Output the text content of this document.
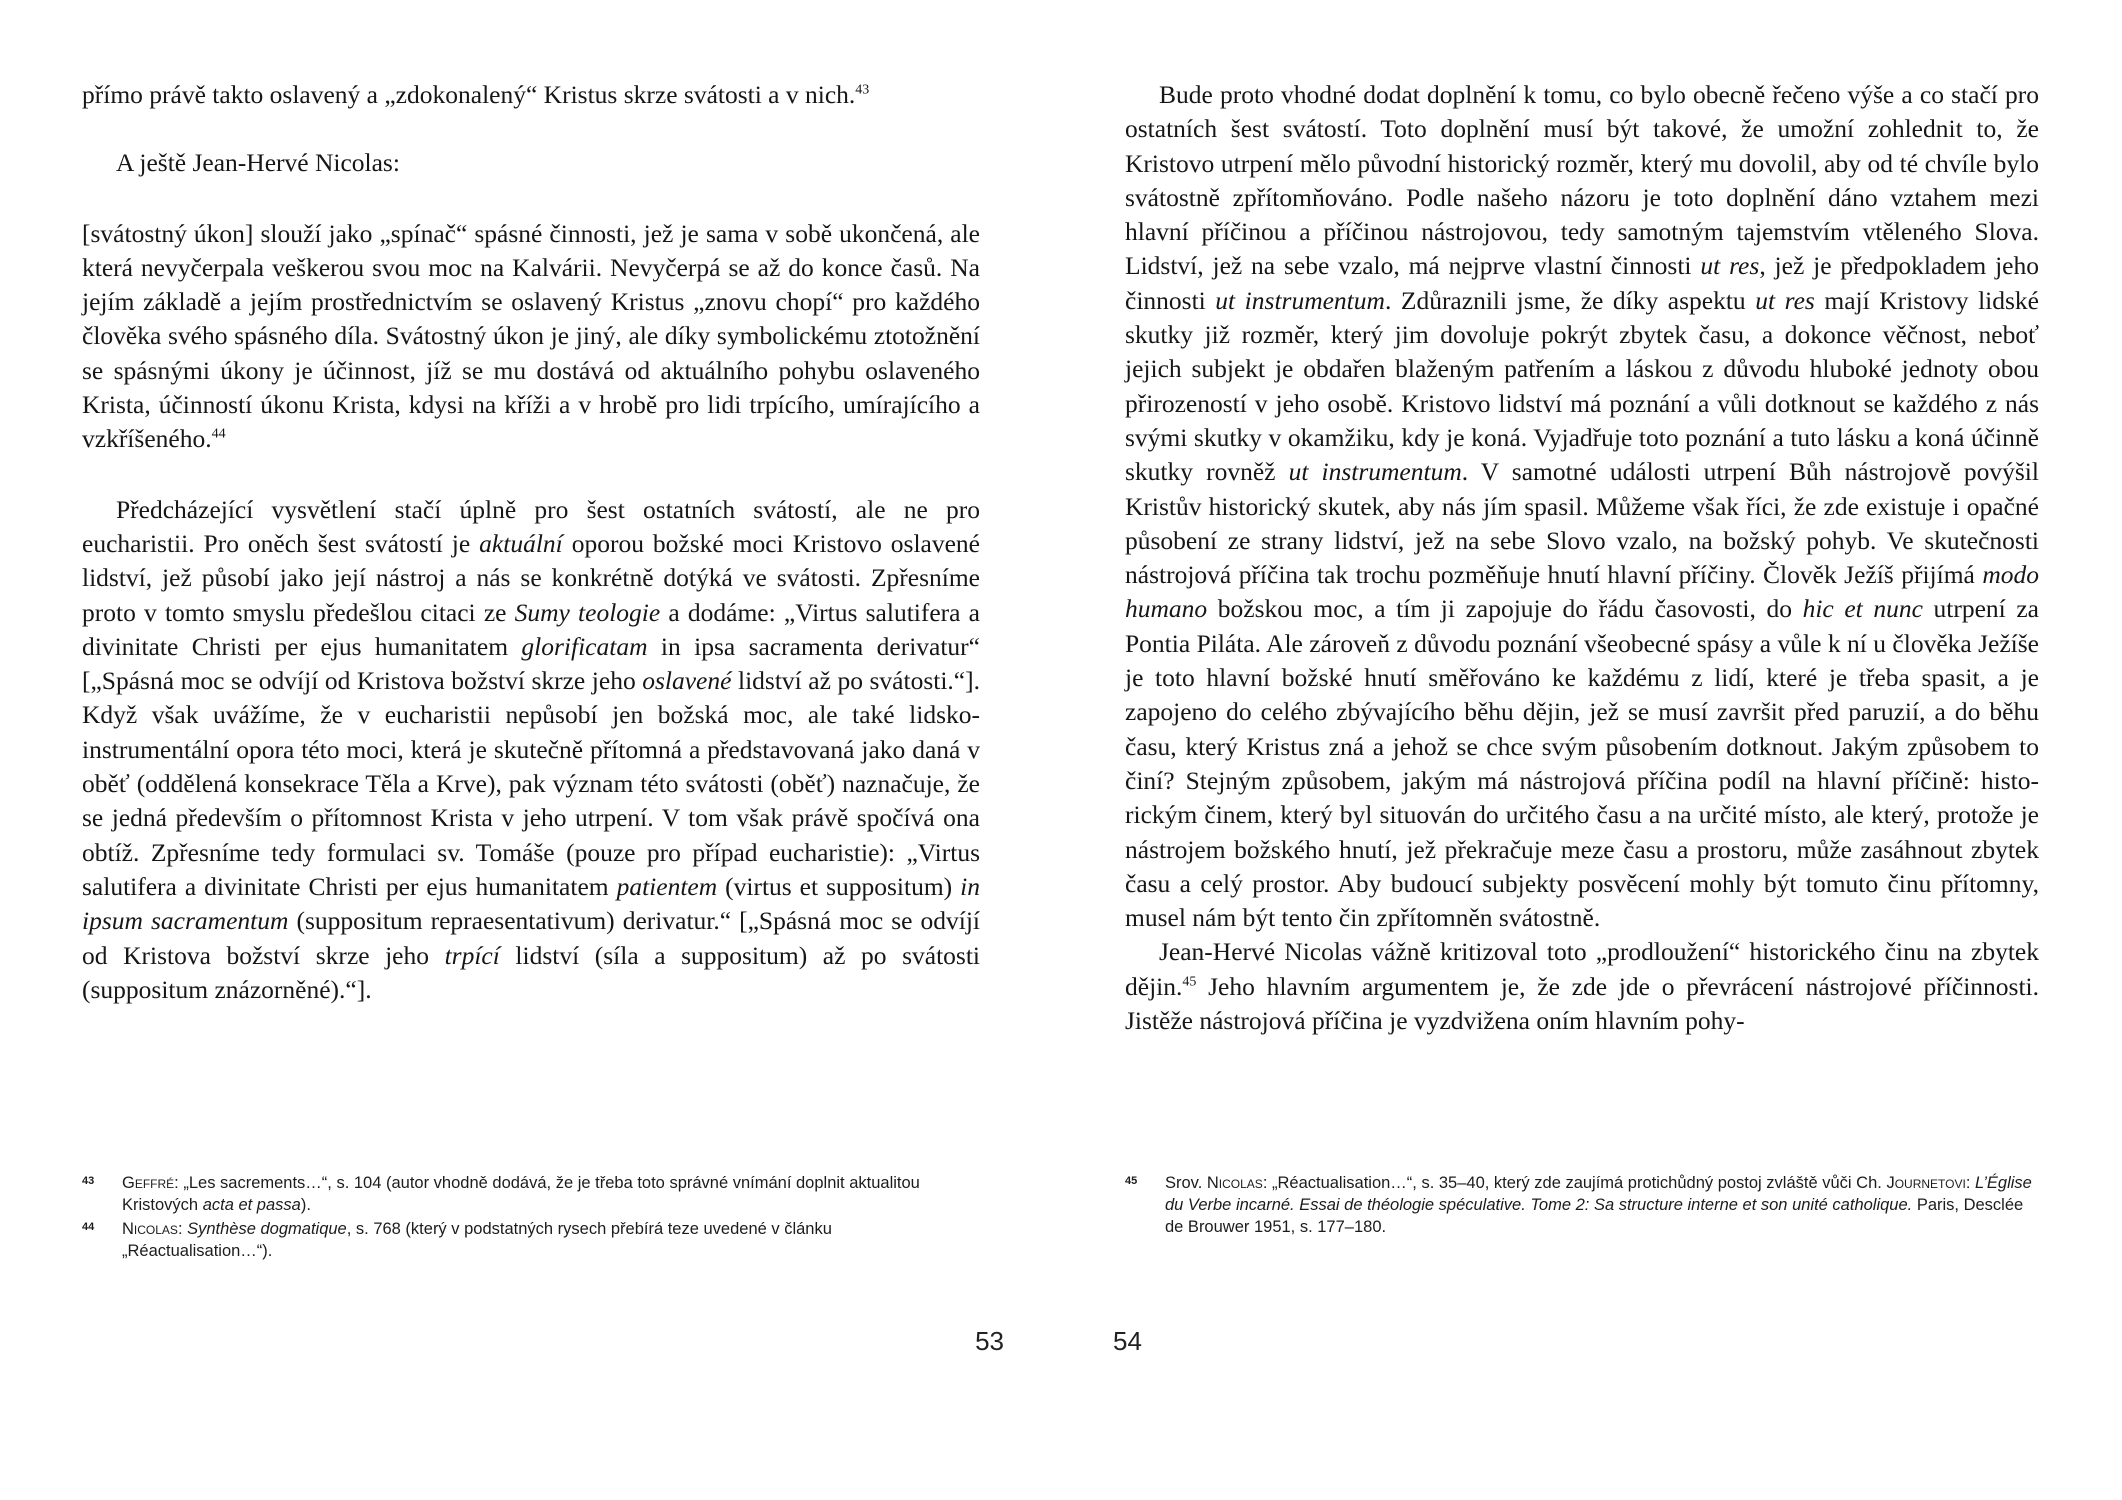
přímo právě takto oslavený a „zdokonalený“ Kristus skrze svátosti a v nich.$^{43}$

A ještě Jean-Hervé Nicolas:

[svátostný úkon] slouží jako „spínač“ spásné činnosti, jež je sama v sobě ukončená, ale která nevyčerpala veškerou svou moc na Kalvárii. Nevyčerpá se až do konce časů. Na jejím základě a jejím prostřednictvím se oslavený Kristus „znovu chopí“ pro každého člověka svého spásného díla. Svátostný úkon je jiný, ale díky symbolickému ztotožnění se spásnými úkony je účinnost, jíž se mu dostává od aktuálního pohybu oslaveného Krista, účinností úkonu Krista, kdysi na kříži a v hrobě pro lidi trpícího, umírajícího a vzkříšeného.$^{44}$

Předcházející vysvětlení stačí úplně pro šest ostatních svátostí, ale ne pro eucharistii. Pro oněch šest svátostí je aktuální oporou božské moci Kristovo oslavené lidství, jež působí jako její nástroj a nás se konkrétně dotýká ve svátosti. Zpřesníme proto v tomto smyslu předešlou citaci ze Sumy teologie a dodáme: „Virtus salutifera a divinitate Christi per ejus humanitatem glorificatam in ipsa sacramenta derivatur“ [„Spásná moc se odvíjí od Kristova božství skrze jeho oslavené lidství až po svátosti.“]. Když však uvážíme, že v eucharistii nepůsobí jen božská moc, ale také lidsko-instrumentální opora této moci, která je skutečně přítomná a představovaná jako daná v oběť (oddělená konsekrace Těla a Krve), pak význam této svátosti (oběť) naznačuje, že se jedná především o přítomnost Krista v jeho utrpení. V tom však právě spočívá ona obtíž. Zpřesníme tedy formulaci sv. Tomáše (pouze pro případ eucharistie): „Virtus salutifera a divinitate Christi per ejus humanitatem patientem (virtus et suppositum) in ipsum sacramentum (suppositum repraesentativum) derivatur.“ [„Spásná moc se odvíjí od Kristova božství skrze jeho trpící lidství (síla a suppositum) až po svátosti (suppositum znázorněné).“].

43 Geffré: „Les sacrements…“, s. 104 (autor vhodně dodává, že je třeba toto správné vnímání doplnit aktualitou Kristových acta et passa).
44 Nicolas: Synthèse dogmatique, s. 768 (který v podstatných rysech přebírá teze uvedené v článku „Réactualisation…“).
53

Bude proto vhodné dodat doplnění k tomu, co bylo obecně řečeno výše a co stačí pro ostatních šest svátostí. Toto doplnění musí být takové, že umožní zohlednit to, že Kristovo utrpení mělo původní historický rozměr, který mu dovolil, aby od té chvíle bylo svátostně zpřítomňováno. Podle našeho názoru je toto doplnění dáno vztahem mezi hlavní příčinou a příčinou nástrojovou, tedy samotným tajemstvím vtěleného Slova. Lidství, jež na sebe vzalo, má nejprve vlastní činnosti ut res, jež je předpokladem jeho činnosti ut instrumentum. Zdůraznili jsme, že díky aspektu ut res mají Kristovy lidské skutky již rozměr, který jim dovoluje pokrýt zbytek času, a dokonce věčnost, neboť jejich subjekt je obdařen blaženým patřením a láskou z důvodu hluboké jednoty obou přirozeností v jeho osobě. Kristovo lidství má poznání a vůli dotknout se každého z nás svými skutky v okamžiku, kdy je koná. Vyjadřuje toto poznání a tuto lásku a koná účinně skutky rovněž ut instrumentum. V samotné události utrpení Bůh nástrojově povýšil Kristův historický skutek, aby nás jím spasil. Můžeme však říci, že zde existuje i opačné působení ze strany lidství, jež na sebe Slovo vzalo, na božský pohyb. Ve skutečnosti nástrojová příčina tak trochu pozměňuje hnutí hlavní příčiny. Člověk Ježíš přijímá modo humano božskou moc, a tím ji zapojuje do řádu časovosti, do hic et nunc utrpení za Pontia Piláta. Ale zároveň z důvodu poznání všeobecné spásy a vůle k ní u člověka Ježíše je toto hlavní božské hnutí směřováno ke každému z lidí, které je třeba spasit, a je zapojeno do celého zbývajícího běhu dějin, jež se musí završit před paruzií, a do běhu času, který Kristus zná a jehož se chce svým působením dotknout. Jakým způsobem to činí? Stejným způsobem, jakým má nástrojová příčina podíl na hlavní příčině: historickým činem, který byl situován do určitého času a na určité místo, ale který, protože je nástrojem božského hnutí, jež překračuje meze času a prostoru, může zasáhnout zbytek času a celý prostor. Aby budoucí subjekty posvěcení mohly být tomuto činu přítomny, musel nám být tento čin zpřítomněn svátostně.

Jean-Hervé Nicolas vážně kritizoval toto „prodloužení“ historického činu na zbytek dějin.$^{45}$ Jeho hlavním argumentem je, že zde jde o převrácení nástrojové příčinnosti. Jistěže nástrojová příčina je vyzdvižena oním hlavním pohy-

45 Srov. Nicolas: „Réactualisation…“, s. 35–40, který zde zaujímá protichůdný postoj zvláště vůči Ch. Journetovi: L’Église du Verbe incarné. Essai de théologie spéculative. Tome 2: Sa structure interne et son unité catholique. Paris, Desclée de Brouwer 1951, s. 177–180.
54
